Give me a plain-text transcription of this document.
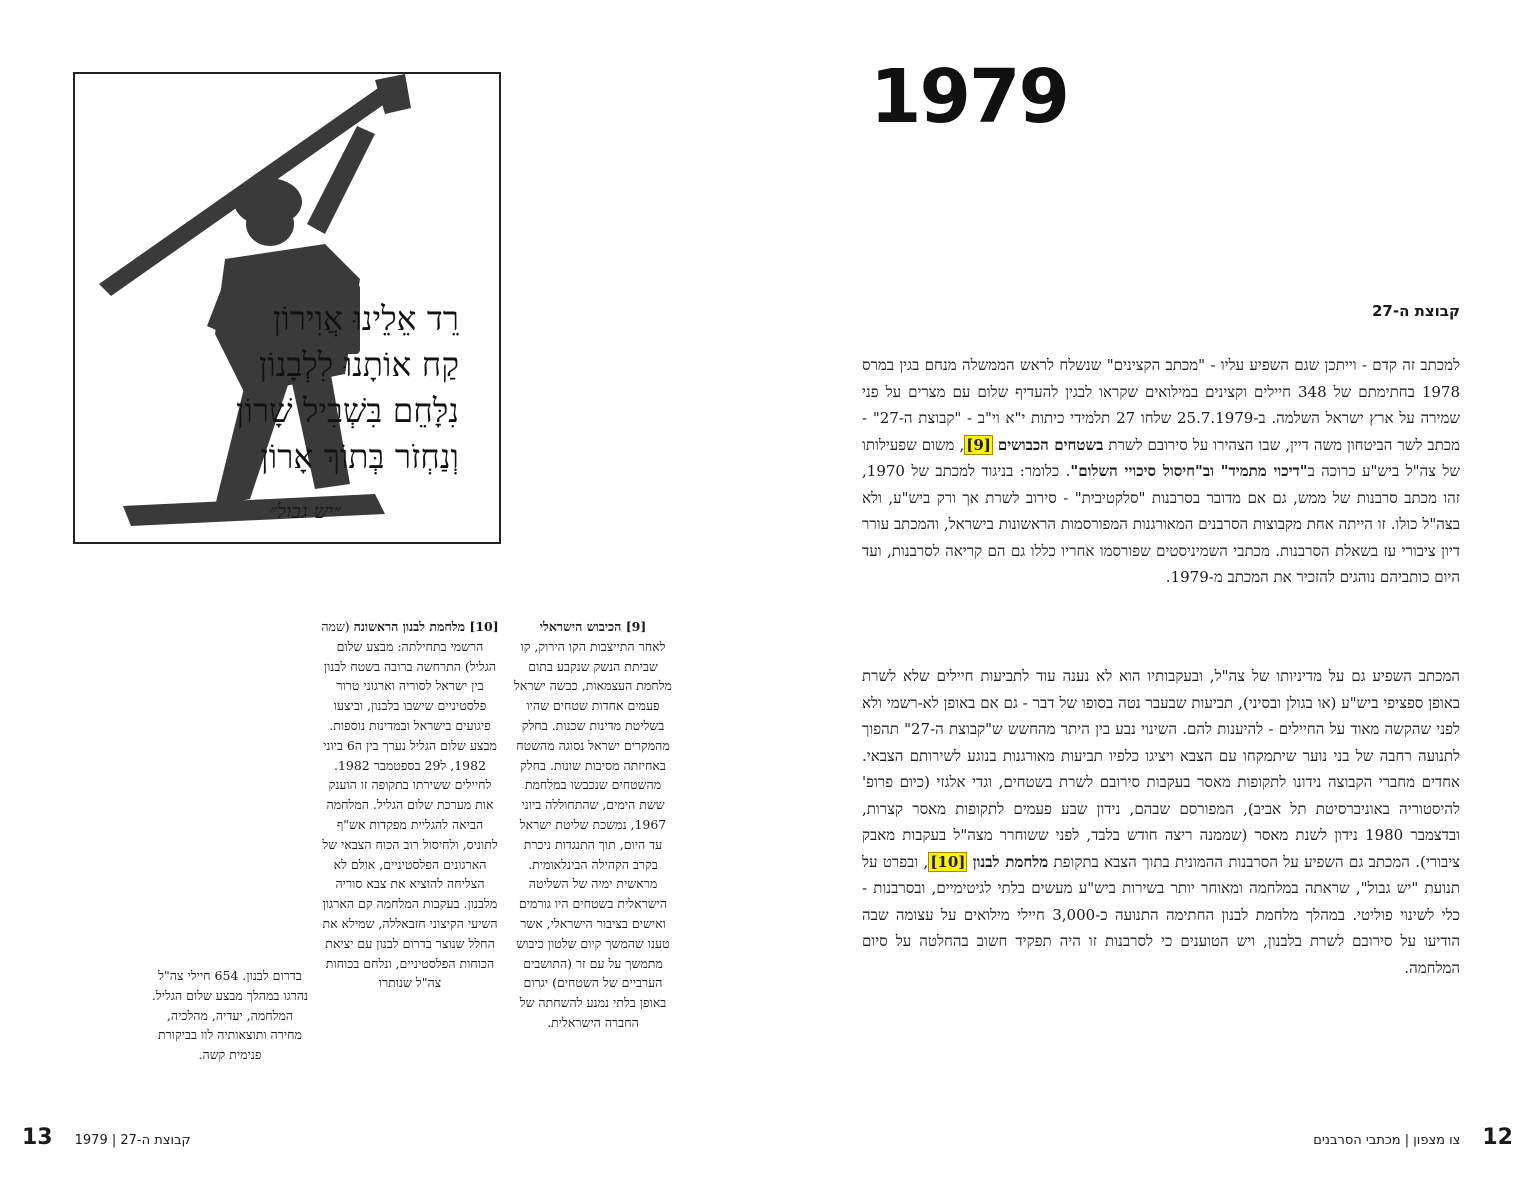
1979
קבוצת ה-27
למכתב זה קדם - וייתכן שגם השפיע עליו - "מכתב הקצינים" שנשלח לראש הממשלה מנחם בגין במרס 1978 בחתימתם של 348 חיילים וקצינים במילואים שקראו לבגין להעדיף שלום עם מצרים על פני שמירה על ארץ ישראל השלמה. ב-25.7.1979 שלחו 27 תלמידי כיתות י"א וי"ב - "קבוצת ה-27" - מכתב לשר הביטחון משה דיין, שבו הצהירו על סירובם לשרת בשטחים הכבושים [9], משום שפעילותו של צה"ל ביש"ע כרוכה ב"דיכוי מתמיד" וב"חיסול סיכויי השלום". כלומר: בניגוד למכתב של 1970, זהו מכתב סרבנות של ממש, גם אם מדובר בסרבנות "סלקטיבית" - סירוב לשרת אך ורק ביש"ע, ולא בצה"ל כולו. זו הייתה אחת מקבוצות הסרבנים המאורגנות המפורסמות הראשונות בישראל, והמכתב עורר דיון ציבורי עז בשאלת הסרבנות. מכתבי השמיניסטים שפורסמו אחריו כללו גם הם קריאה לסרבנות, ועד היום כותביהם נוהגים להזכיר את המכתב מ-1979.
המכתב השפיע גם על מדיניותו של צה"ל, ובעקבותיו הוא לא נענה עוד לתביעות חיילים שלא לשרת באופן ספציפי ביש"ע (או בגולן ובסיני), תביעות שבעבר נטה בסופו של דבר - גם אם באופן לא-רשמי ולא לפני שהקשה מאוד על החיילים - להיענות להם. השינוי נבע בין היתר מהחשש ש"קבוצת ה-27" תהפוך לתנועה רחבה של בני נוער שיתמקחו עם הצבא ויציגו כלפיו תביעות מאורגנות בנוגע לשירותם הצבאי. אחדים מחברי הקבוצה נידונו לתקופות מאסר בעקבות סירובם לשרת בשטחים, וגדי אלגזי (כיום פרופ' להיסטוריה באוניברסיטת תל אביב), המפורסם שבהם, נידון שבע פעמים לתקופות מאסר קצרות, ובדצמבר 1980 נידון לשנת מאסר (שממנה ריצה חודש בלבד, לפני ששוחרר מצה"ל בעקבות מאבק ציבורי). המכתב גם השפיע על הסרבנות ההמונית בתוך הצבא בתקופת מלחמת לבנון [10], ובפרט על תנועת "יש גבול", שראתה במלחמה ומאוחר יותר בשירות ביש"ע מעשים בלתי לגיטימיים, ובסרבנות - כלי לשינוי פוליטי. במהלך מלחמת לבנון החתימה התנועה כ-3,000 חיילי מילואים על עצומה שבה הודיעו על סירובם לשרת בלבנון, ויש הטוענים כי לסרבנות זו היה תפקיד חשוב בהחלטה על סיום המלחמה.
רֵד אֵלֵינוּ אֲוִירוֹן
קַח אוֹתָנוּ לִלְבָנוֹן
נִלָּחֵם בִּשְׁבִיל שָׁרוֹן
וְנַחְזֹר בְּתוֹךְ אָרוֹן
״יש גבול״
[9] הכיבוש הישראלי
לאחר התייצבות הקו הירוק, קו שביתת הנשק שנקבע בתום מלחמת העצמאות, כבשה ישראל פעמים אחדות שטחים שהיו בשליטת מדינות שכנות. בחלק מהמקרים ישראל נסוגה מהשטח באחיזתה מסיבות שונות. בחלק מהשטחים שנכבשו במלחמת ששת הימים, שהתחוללה ביוני 1967, נמשכת שליטת ישראל עד היום, תוך התנגדות ניכרת בקרב הקהילה הבינלאומית. מראשית ימיה של השליטה הישראלית בשטחים היו גורמים ואישים בציבור הישראלי, אשר טענו שהמשך קיום שלטון כיבוש מתמשך על עם זר (התושבים הערביים של השטחים) יגרום באופן בלתי נמנע להשחתה של החברה הישראלית.
[10] מלחמת לבנון הראשונה (שמה הרשמי בתחילתה: מבצע שלום הגליל) התרחשה ברובה בשטח לבנון בין ישראל לסוריה וארגוני טרור פלסטיניים שישבו בלבנון, וביצעו פיגועים בישראל ובמדינות נוספות. מבצע שלום הגליל נערך בין ה6 ביוני 1982, ל29 בספטמבר 1982. לחיילים ששירתו בתקופה זו הוענק אות מערכת שלום הגליל. המלחמה הביאה להגליית מפקדות אש"ף לתוניס, ולחיסול רוב הכוח הצבאי של הארגונים הפלסטיניים, אולם לא הצליחה להוציא את צבא סוריה מלבנון. בעקבות המלחמה קם הארגון השיעי הקיצוני חזבאללה, שמילא את החלל שנוצר בדרום לבנון עם יציאת הכוחות הפלסטיניים, ונלחם בכוחות צה"ל שנותרו
בדרום לבנון. 654 חיילי צה"ל נהרגו במהלך מבצע שלום הגליל. המלחמה, יעדיה, מהלכיה, מחירה ותוצאותיה לוו בביקורת פנימית קשה.
13 1979 | קבוצת ה-27	12צו מצפון | מכתבי הסרבנים
